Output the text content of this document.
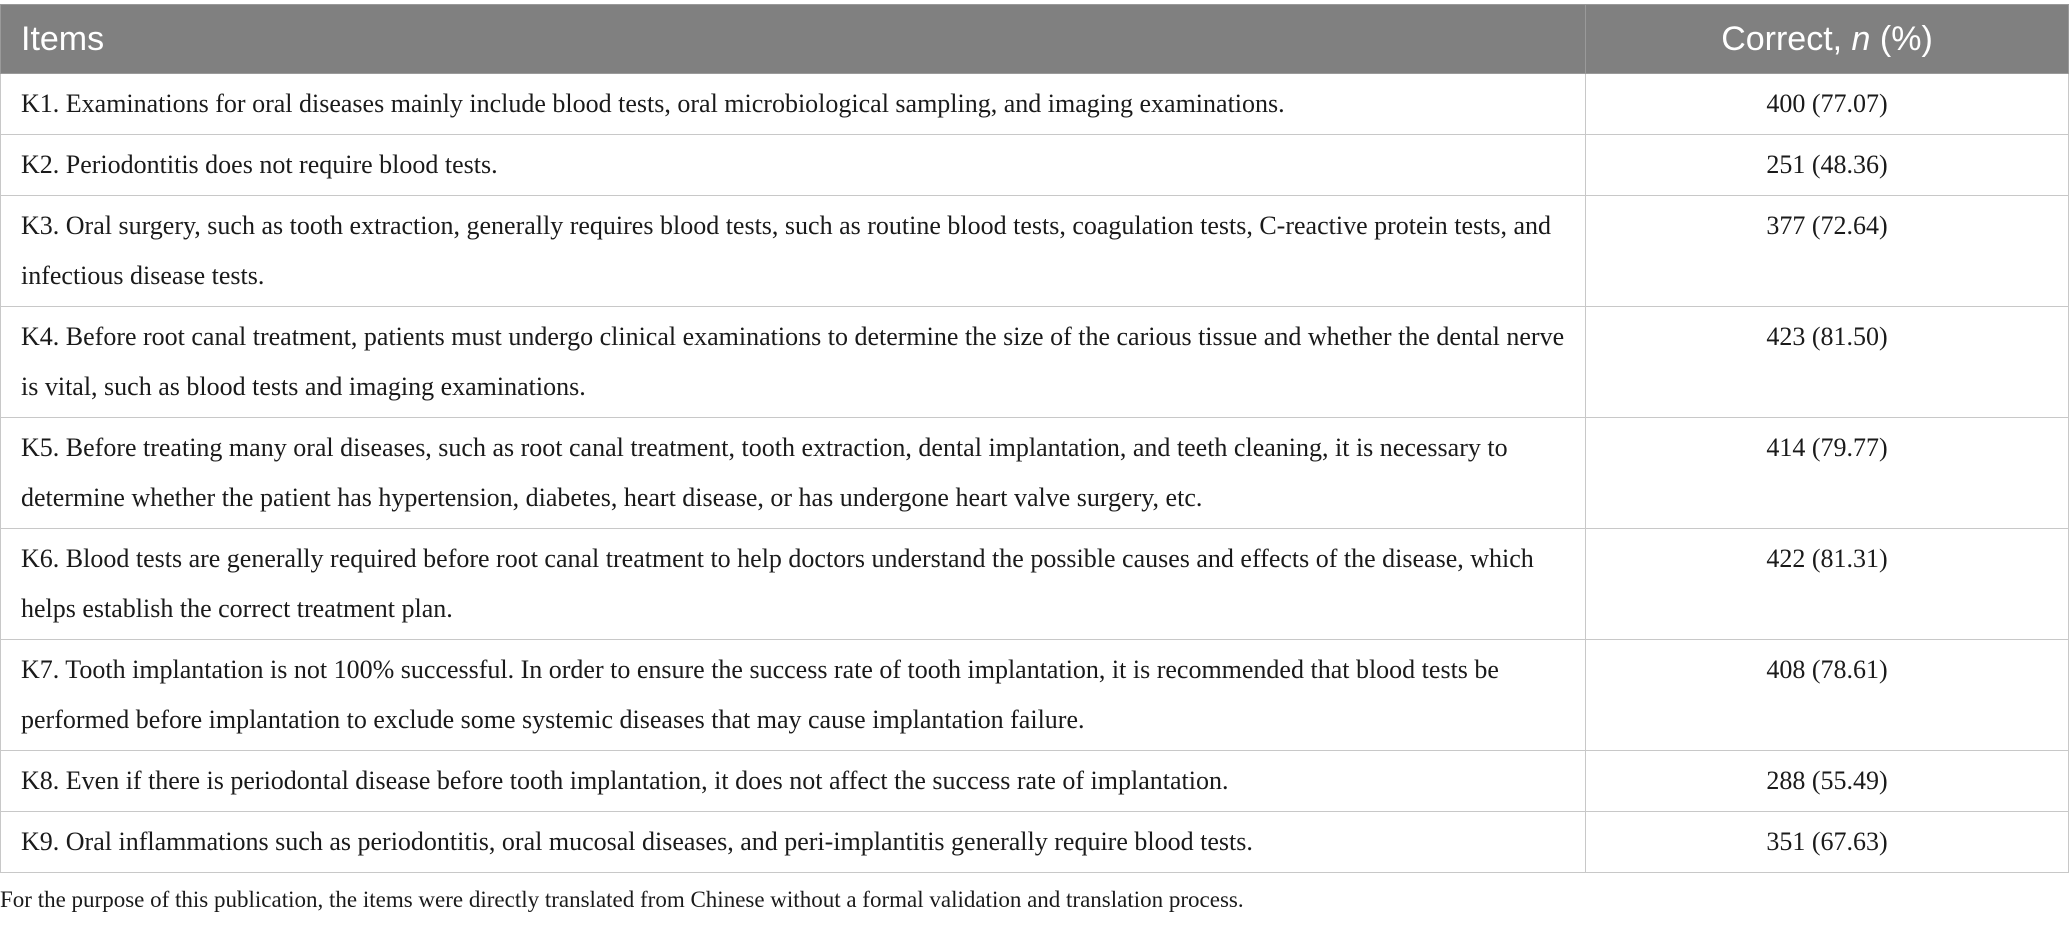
Items	Correct, n (%)
K1. Examinations for oral diseases mainly include blood tests, oral microbiological sampling, and imaging examinations.	400 (77.07)
K2. Periodontitis does not require blood tests.	251 (48.36)
K3. Oral surgery, such as tooth extraction, generally requires blood tests, such as routine blood tests, coagulation tests, C-reactive protein tests, and infectious disease tests.	377 (72.64)
K4. Before root canal treatment, patients must undergo clinical examinations to determine the size of the carious tissue and whether the dental nerve is vital, such as blood tests and imaging examinations.	423 (81.50)
K5. Before treating many oral diseases, such as root canal treatment, tooth extraction, dental implantation, and teeth cleaning, it is necessary to determine whether the patient has hypertension, diabetes, heart disease, or has undergone heart valve surgery, etc.	414 (79.77)
K6. Blood tests are generally required before root canal treatment to help doctors understand the possible causes and effects of the disease, which helps establish the correct treatment plan.	422 (81.31)
K7. Tooth implantation is not 100% successful. In order to ensure the success rate of tooth implantation, it is recommended that blood tests be performed before implantation to exclude some systemic diseases that may cause implantation failure.	408 (78.61)
K8. Even if there is periodontal disease before tooth implantation, it does not affect the success rate of implantation.	288 (55.49)
K9. Oral inflammations such as periodontitis, oral mucosal diseases, and peri-implantitis generally require blood tests.	351 (67.63)
For the purpose of this publication, the items were directly translated from Chinese without a formal validation and translation process.
